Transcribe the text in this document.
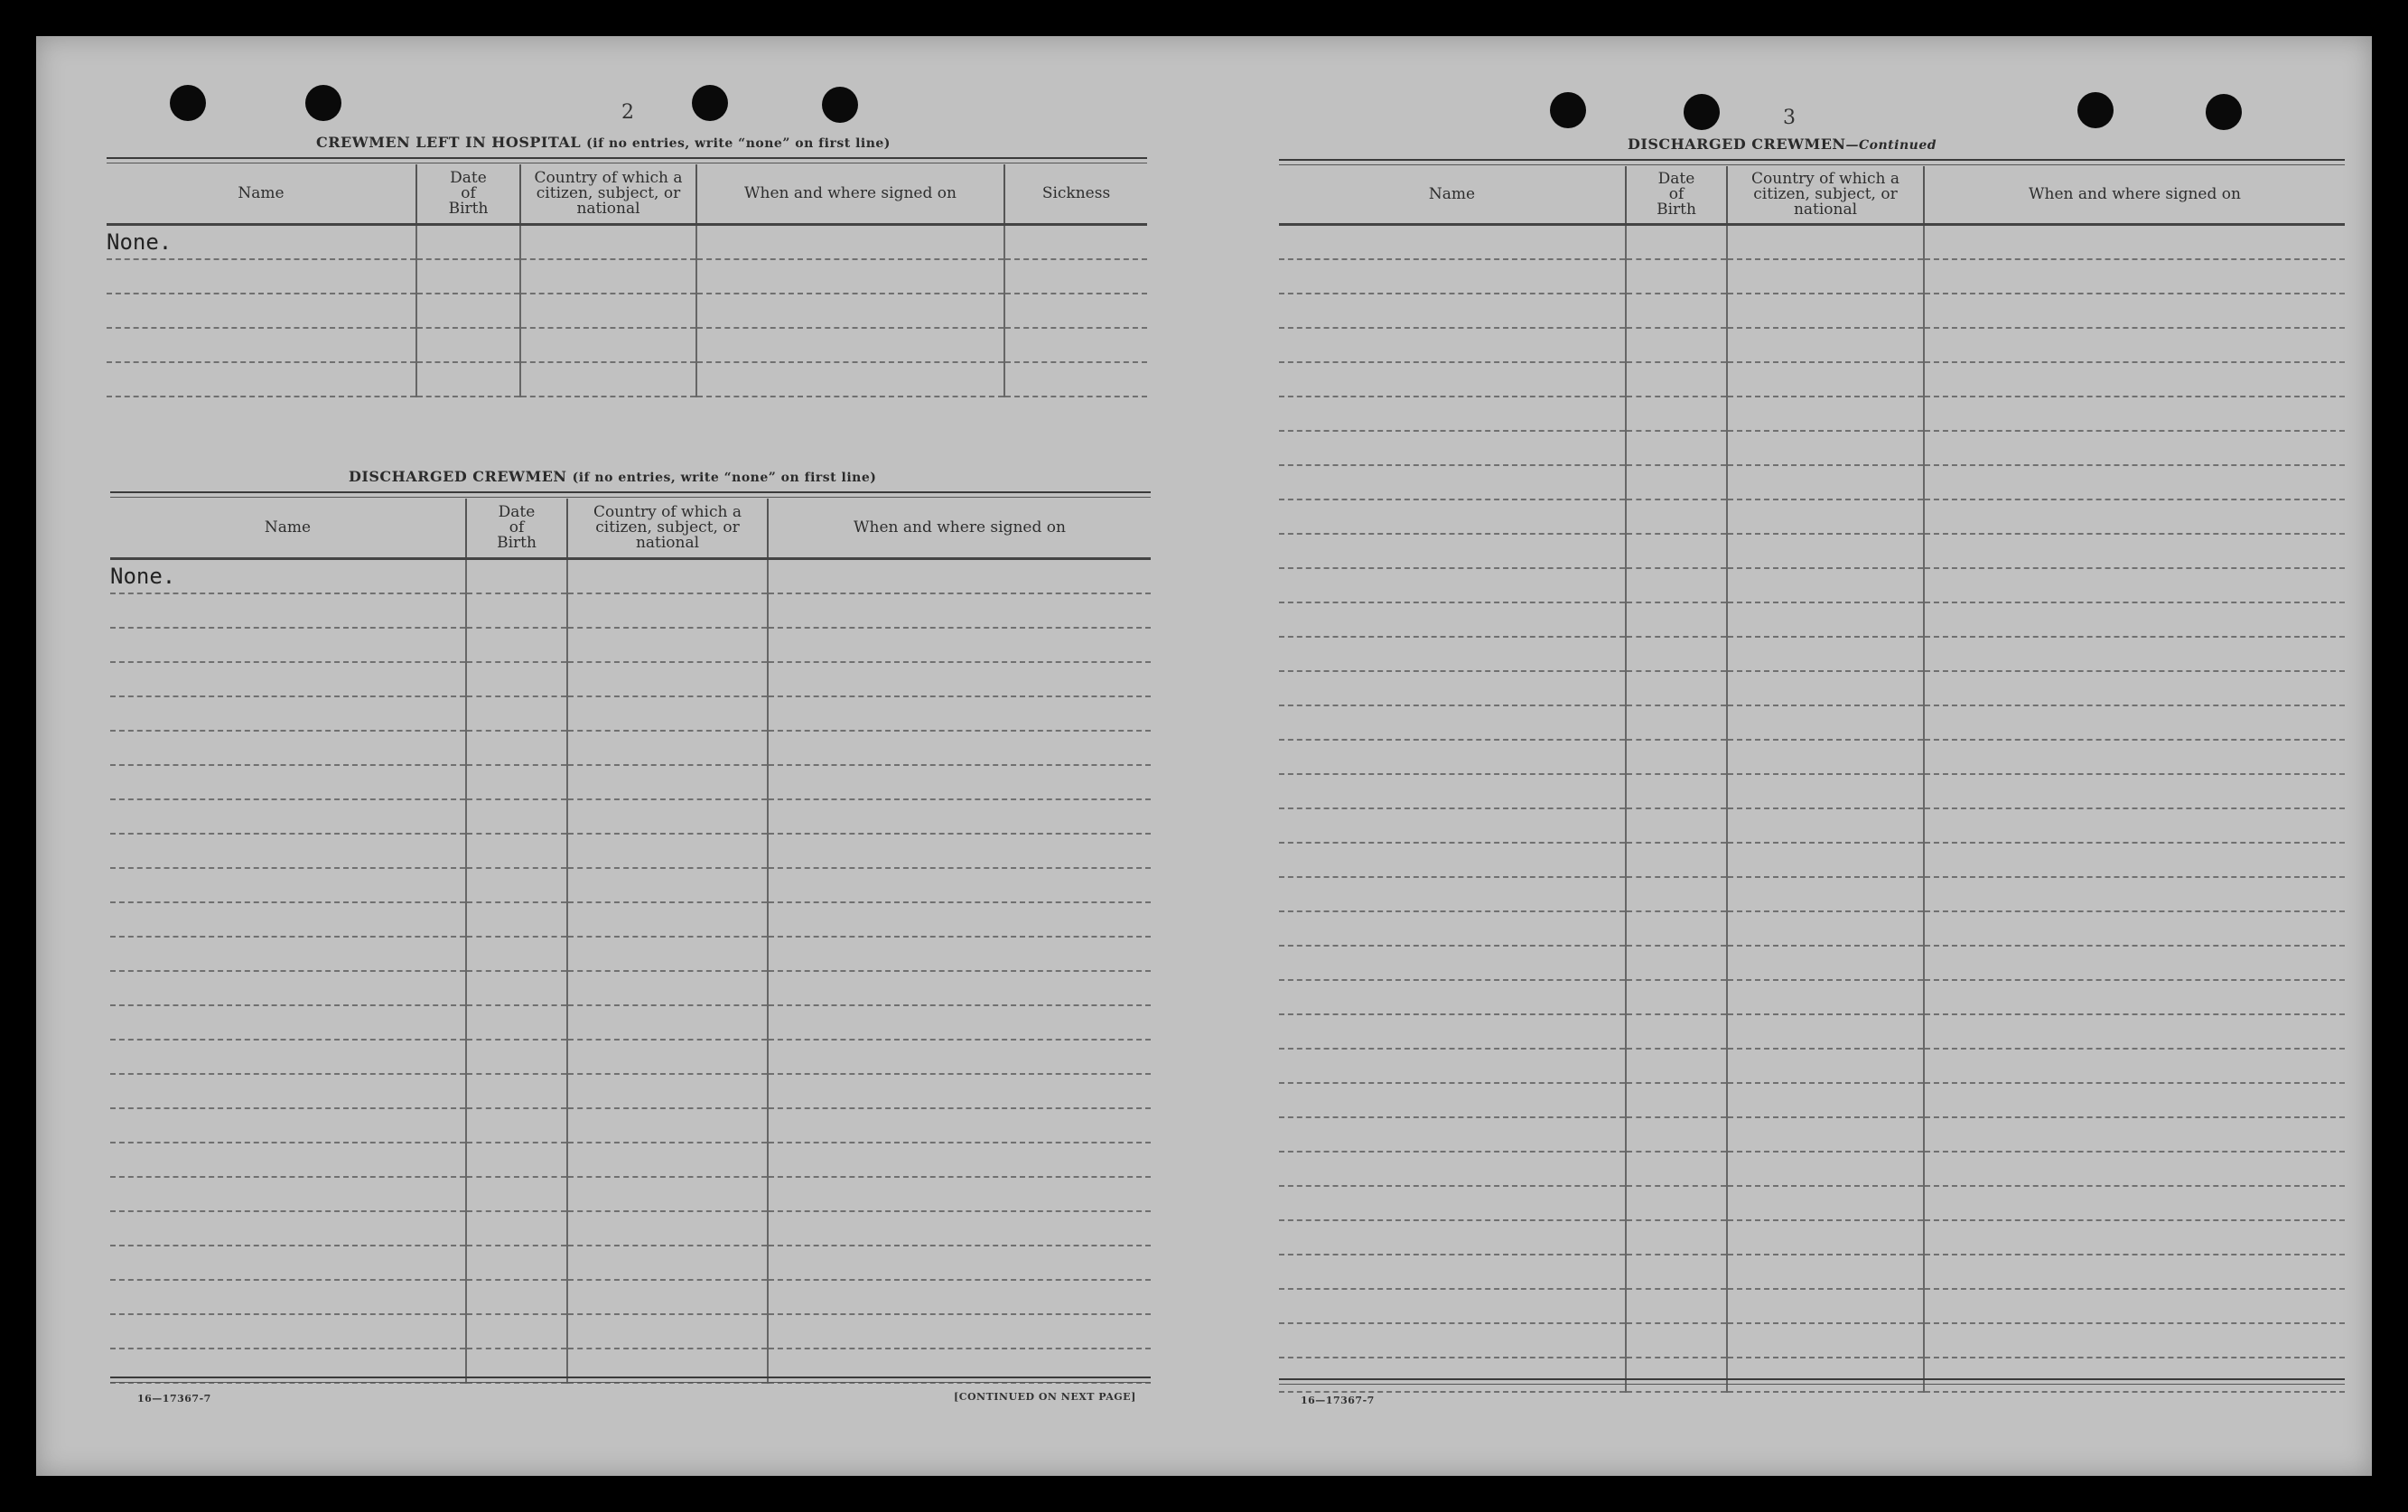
2
CREWMEN LEFT IN HOSPITAL (if no entries, write “none” on first line)
Name	Date of Birth	Country of which a citizen, subject, or national	When and where signed on	Sickness
None.				

DISCHARGED CREWMEN (if no entries, write “none” on first line)
Name	Date of Birth	Country of which a citizen, subject, or national	When and where signed on
None.			

16—17367-7	[CONTINUED ON NEXT PAGE]
3
DISCHARGED CREWMEN—Continued
Name	Date of Birth	Country of which a citizen, subject, or national	When and where signed on

16—17367-7
